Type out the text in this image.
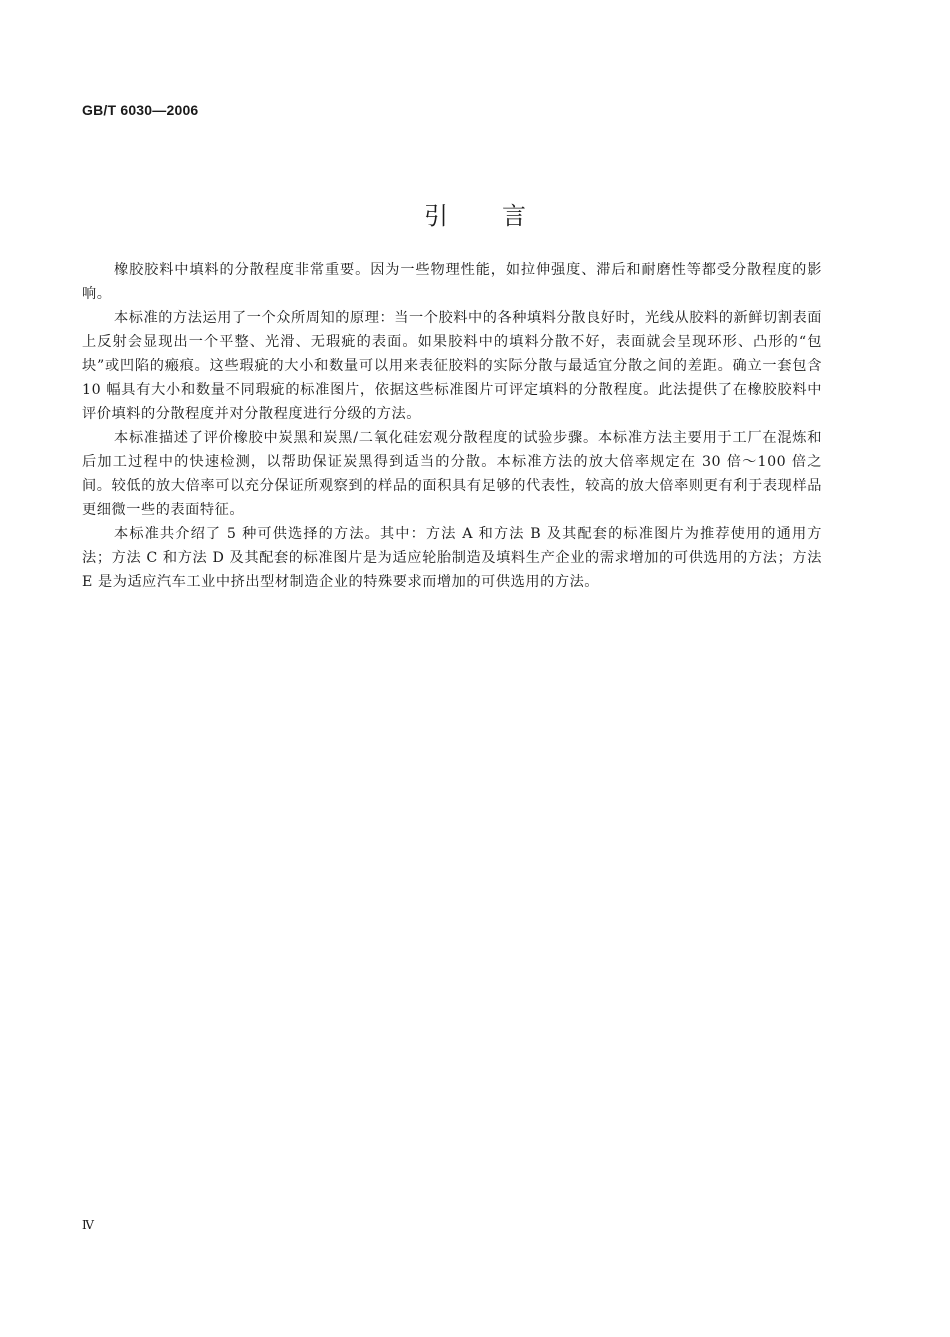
GB/T 6030—2006
引言

橡胶胶料中填料的分散程度非常重要。因为一些物理性能，如拉伸强度、滞后和耐磨性等都受分散程度的影响。

本标准的方法运用了一个众所周知的原理：当一个胶料中的各种填料分散良好时，光线从胶料的新鲜切割表面上反射会显现出一个平整、光滑、无瑕疵的表面。如果胶料中的填料分散不好，表面就会呈现环形、凸形的“包块”或凹陷的瘢痕。这些瑕疵的大小和数量可以用来表征胶料的实际分散与最适宜分散之间的差距。确立一套包含 10 幅具有大小和数量不同瑕疵的标准图片，依据这些标准图片可评定填料的分散程度。此法提供了在橡胶胶料中评价填料的分散程度并对分散程度进行分级的方法。

本标准描述了评价橡胶中炭黑和炭黑/二氧化硅宏观分散程度的试验步骤。本标准方法主要用于工厂在混炼和后加工过程中的快速检测，以帮助保证炭黑得到适当的分散。本标准方法的放大倍率规定在 30 倍～100 倍之间。较低的放大倍率可以充分保证所观察到的样品的面积具有足够的代表性，较高的放大倍率则更有利于表现样品更细微一些的表面特征。

本标准共介绍了 5 种可供选择的方法。其中：方法 A 和方法 B 及其配套的标准图片为推荐使用的通用方法；方法 C 和方法 D 及其配套的标准图片是为适应轮胎制造及填料生产企业的需求增加的可供选用的方法；方法 E 是为适应汽车工业中挤出型材制造企业的特殊要求而增加的可供选用的方法。

Ⅳ
